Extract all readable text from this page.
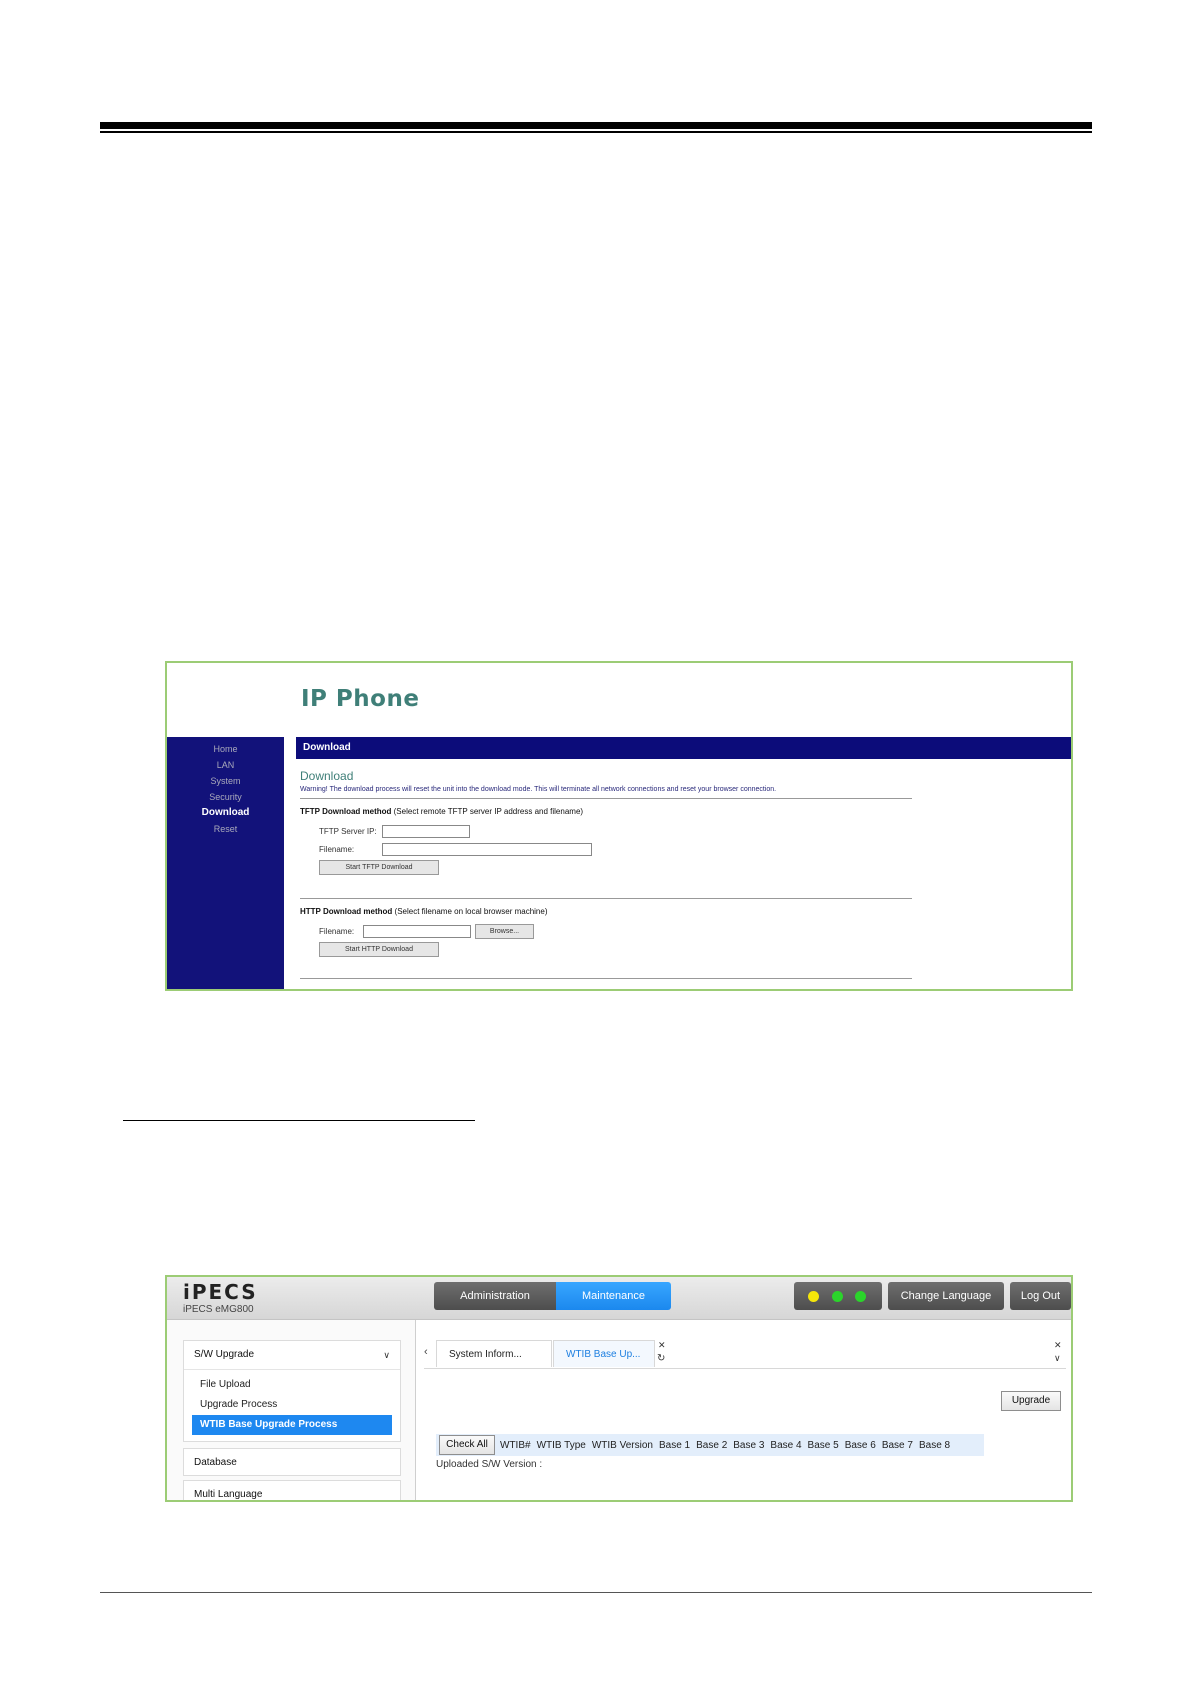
IP Phone
Home
LAN
System
Security
Download
Reset
Download
Download
Warning! The download process will reset the unit into the download mode. This will terminate all network connections and reset your browser connection.
TFTP Download method (Select remote TFTP server IP address and filename)
TFTP Server IP:
Filename:
Start TFTP Download
HTTP Download method (Select filename on local browser machine)
Filename:	Browse...
Start HTTP Download
iPECS
iPECS eMG800
Administration	Maintenance	Change Language	Log Out
S/W Upgrade	∨
File Upload
Upgrade Process
WTIB Base Upgrade Process
Database
Multi Language
‹	System Inform...	WTIB Base Up...
✕
↻
✕
∨
Upgrade
Uploaded S/W Version :
Check All	WTIB# WTIB Type WTIB Version Base 1 Base 2 Base 3 Base 4 Base 5 Base 6 Base 7 Base 8
